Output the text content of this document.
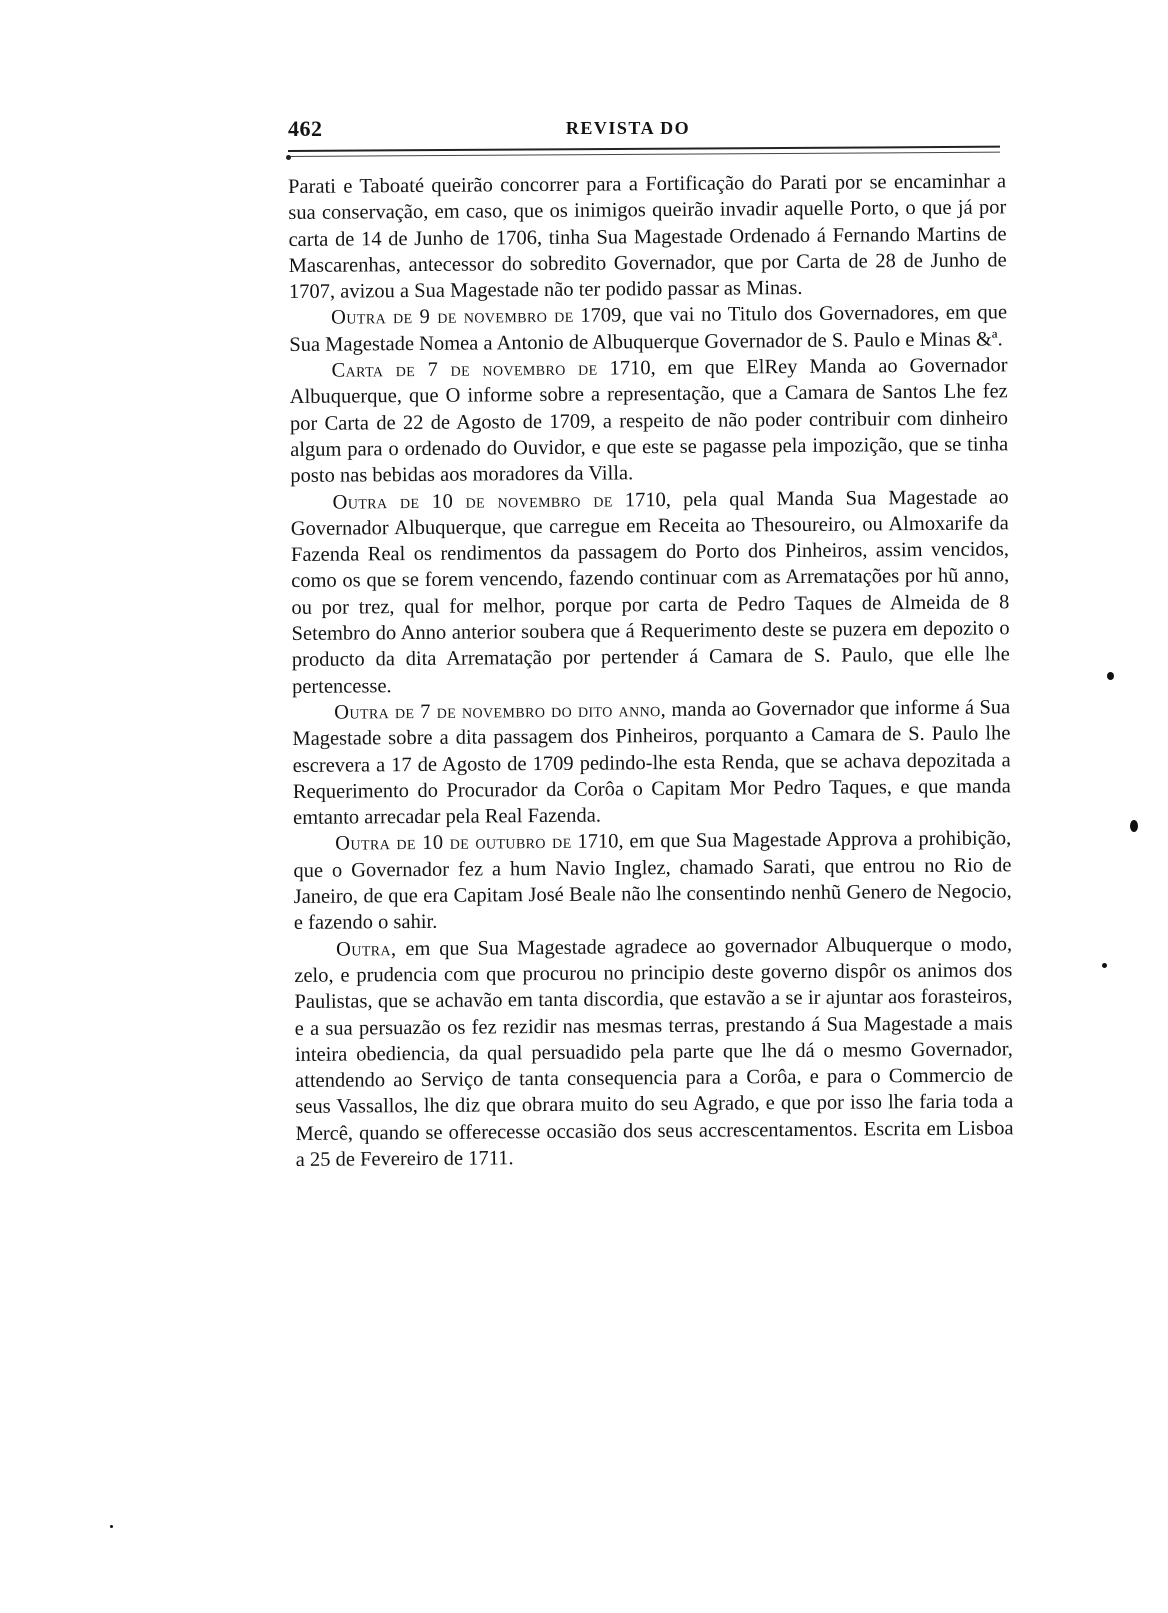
462	REVISTA DO

Parati e Taboaté queirão concorrer para a Fortificação do Parati por se encaminhar a sua conservação, em caso, que os inimigos queirão invadir aquelle Porto, o que já por carta de 14 de Junho de 1706, tinha Sua Magestade Ordenado á Fernando Martins de Mascarenhas, antecessor do sobredito Governador, que por Carta de 28 de Junho de 1707, avizou a Sua Magestade não ter podido passar as Minas.

Outra de 9 de novembro de 1709, que vai no Titulo dos Governadores, em que Sua Magestade Nomea a Antonio de Albuquerque Governador de S. Paulo e Minas &ª.

Carta de 7 de novembro de 1710, em que ElRey Manda ao Governador Albuquerque, que O informe sobre a representação, que a Camara de Santos Lhe fez por Carta de 22 de Agosto de 1709, a respeito de não poder contribuir com dinheiro algum para o ordenado do Ouvidor, e que este se pagasse pela impozição, que se tinha posto nas bebidas aos moradores da Villa.

Outra de 10 de novembro de 1710, pela qual Manda Sua Magestade ao Governador Albuquerque, que carregue em Receita ao Thesoureiro, ou Almoxarife da Fazenda Real os rendimentos da passagem do Porto dos Pinheiros, assim vencidos, como os que se forem vencendo, fazendo continuar com as Arrematações por hũ anno, ou por trez, qual for melhor, porque por carta de Pedro Taques de Almeida de 8 Setembro do Anno anterior soubera que á Requerimento deste se puzera em depozito o producto da dita Arrematação por pertender á Camara de S. Paulo, que elle lhe pertencesse.

Outra de 7 de novembro do dito anno, manda ao Governador que informe á Sua Magestade sobre a dita passagem dos Pinheiros, porquanto a Camara de S. Paulo lhe escrevera a 17 de Agosto de 1709 pedindo-lhe esta Renda, que se achava depozitada a Requerimento do Procurador da Corôa o Capitam Mor Pedro Taques, e que manda emtanto arrecadar pela Real Fazenda.

Outra de 10 de outubro de 1710, em que Sua Magestade Approva a prohibição, que o Governador fez a hum Navio Inglez, chamado Sarati, que entrou no Rio de Janeiro, de que era Capitam José Beale não lhe consentindo nenhũ Genero de Negocio, e fazendo o sahir.

Outra, em que Sua Magestade agradece ao governador Albuquerque o modo, zelo, e prudencia com que procurou no principio deste governo dispôr os animos dos Paulistas, que se achavão em tanta discordia, que estavão a se ir ajuntar aos forasteiros, e a sua persuazão os fez rezidir nas mesmas terras, prestando á Sua Magestade a mais inteira obediencia, da qual persuadido pela parte que lhe dá o mesmo Governador, attendendo ao Serviço de tanta consequencia para a Corôa, e para o Commercio de seus Vassallos, lhe diz que obrara muito do seu Agrado, e que por isso lhe faria toda a Mercê, quando se offerecesse occasião dos seus accrescentamentos. Escrita em Lisboa a 25 de Fevereiro de 1711.
